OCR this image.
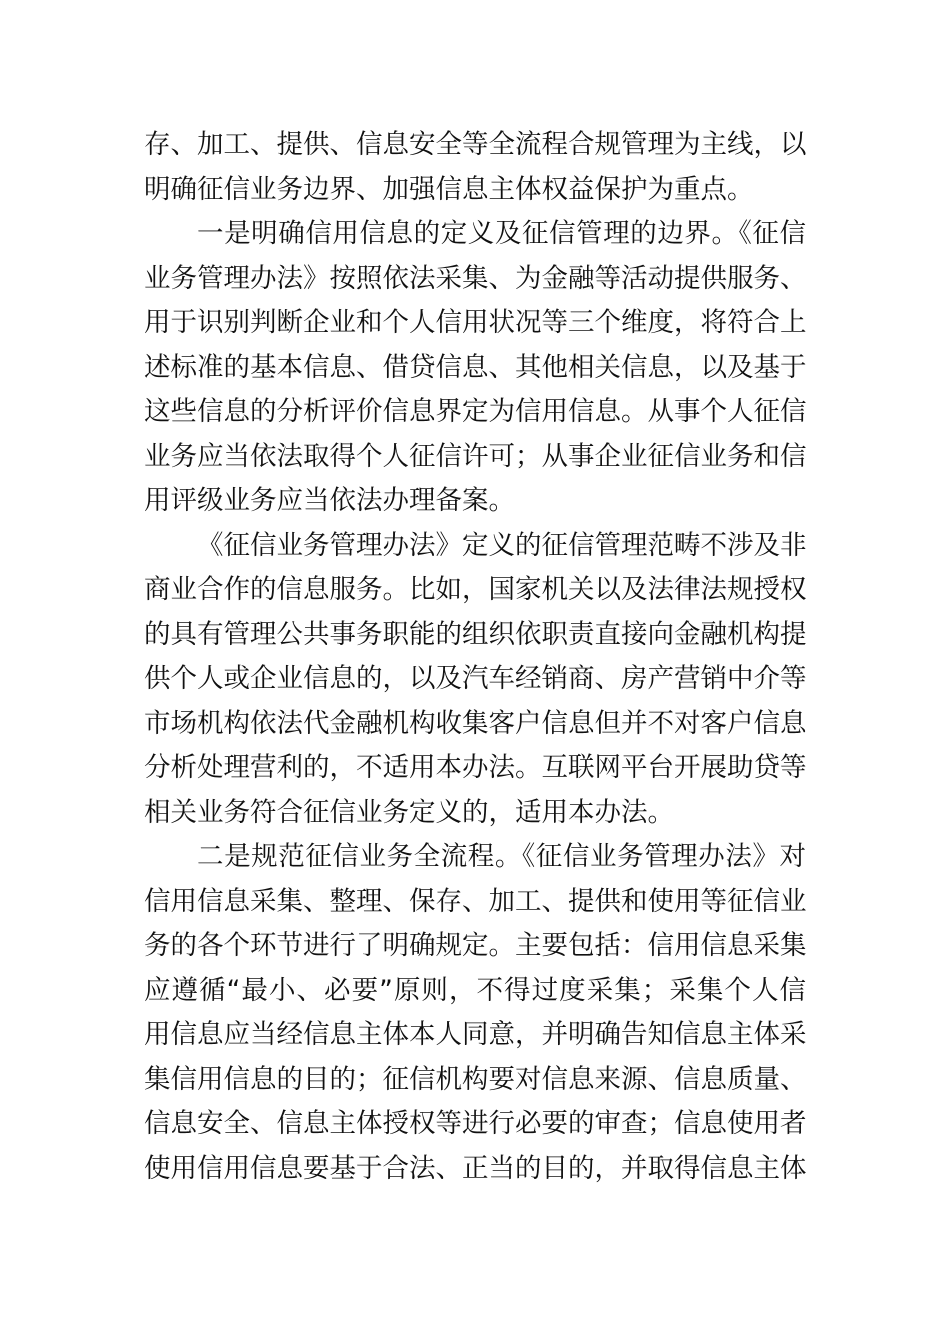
存、加工、提供、信息安全等全流程合规管理为主线，以
明确征信业务边界、加强信息主体权益保护为重点。
一是明确信用信息的定义及征信管理的边界。《征信
业务管理办法》按照依法采集、为金融等活动提供服务、
用于识别判断企业和个人信用状况等三个维度，将符合上
述标准的基本信息、借贷信息、其他相关信息，以及基于
这些信息的分析评价信息界定为信用信息。从事个人征信
业务应当依法取得个人征信许可；从事企业征信业务和信
用评级业务应当依法办理备案。
《征信业务管理办法》定义的征信管理范畴不涉及非
商业合作的信息服务。比如，国家机关以及法律法规授权
的具有管理公共事务职能的组织依职责直接向金融机构提
供个人或企业信息的，以及汽车经销商、房产营销中介等
市场机构依法代金融机构收集客户信息但并不对客户信息
分析处理营利的，不适用本办法。互联网平台开展助贷等
相关业务符合征信业务定义的，适用本办法。
二是规范征信业务全流程。《征信业务管理办法》对
信用信息采集、整理、保存、加工、提供和使用等征信业
务的各个环节进行了明确规定。主要包括：信用信息采集
应遵循“最小、必要”原则，不得过度采集；采集个人信
用信息应当经信息主体本人同意，并明确告知信息主体采
集信用信息的目的；征信机构要对信息来源、信息质量、
信息安全、信息主体授权等进行必要的审查；信息使用者
使用信用信息要基于合法、正当的目的，并取得信息主体
